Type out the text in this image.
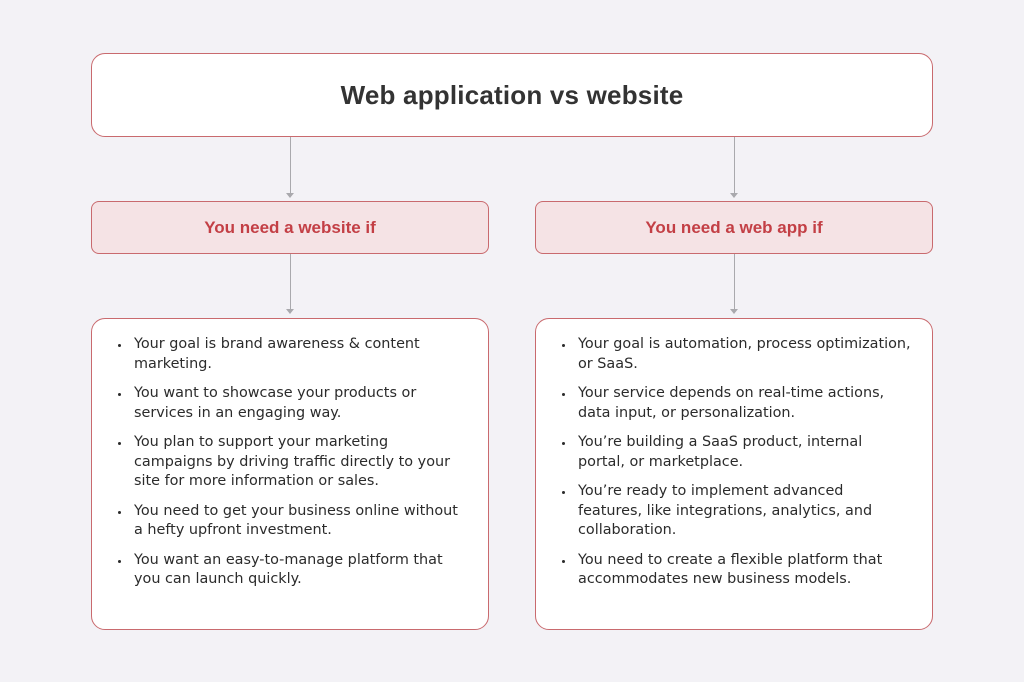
Web application vs website
You need a website if	You need a web app if
Your goal is brand awareness & content marketing.
You want to showcase your products or services in an engaging way.
You plan to support your marketing campaigns by driving traffic directly to your site for more information or sales.
You need to get your business online without a hefty upfront investment.
You want an easy-to-manage platform that you can launch quickly.
Your goal is automation, process optimization, or SaaS.
Your service depends on real-time actions, data input, or personalization.
You’re building a SaaS product, internal portal, or marketplace.
You’re ready to implement advanced features, like integrations, analytics, and collaboration.
You need to create a flexible platform that accommodates new business models.
